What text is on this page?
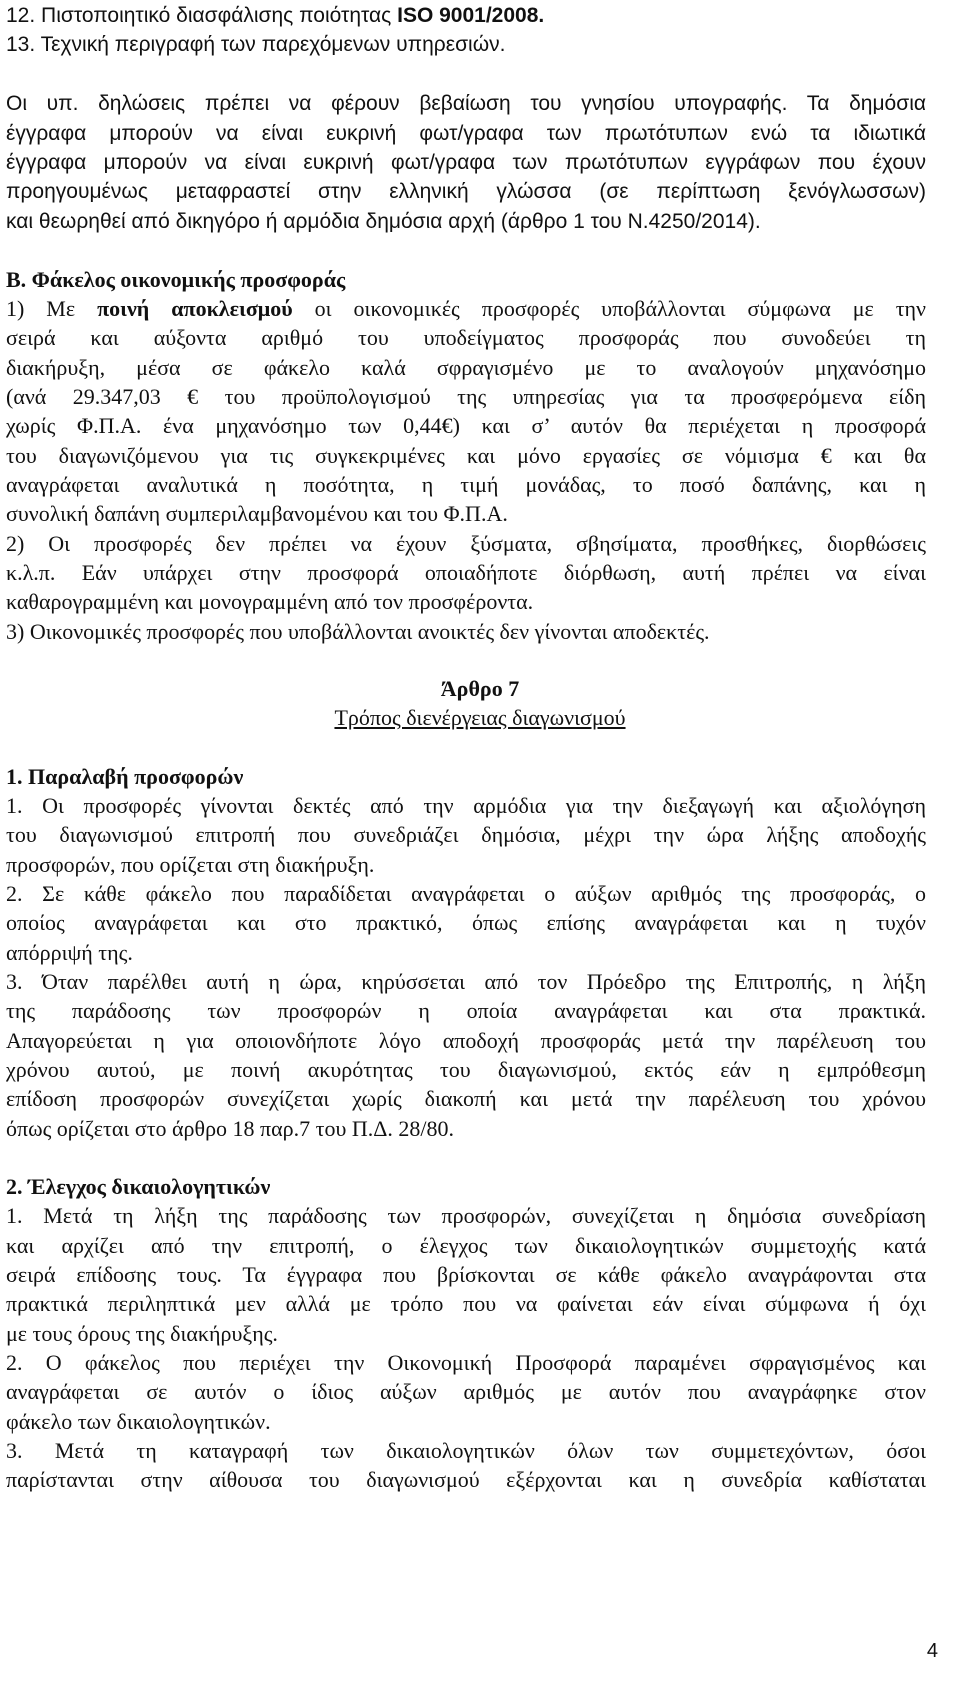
12. Πιστοποιητικό διασφάλισης ποιότητας ISO 9001/2008.
13. Τεχνική περιγραφή των παρεχόμενων υπηρεσιών.
Οι υπ. δηλώσεις πρέπει να φέρουν βεβαίωση του γνησίου υπογραφής. Τα δημόσια
έγγραφα μπορούν να είναι ευκρινή φωτ/γραφα των πρωτότυπων ενώ τα ιδιωτικά
έγγραφα μπορούν να είναι ευκρινή φωτ/γραφα των πρωτότυπων εγγράφων που έχουν
προηγουμένως μεταφραστεί στην ελληνική γλώσσα (σε περίπτωση ξενόγλωσσων)
και θεωρηθεί από δικηγόρο ή αρμόδια δημόσια αρχή (άρθρο 1 του Ν.4250/2014).
Β. Φάκελος οικονομικής προσφοράς
1) Με ποινή αποκλεισμού οι οικονομικές προσφορές υποβάλλονται σύμφωνα με την
σειρά και αύξοντα αριθμό του υποδείγματος προσφοράς που συνοδεύει τη
διακήρυξη, μέσα σε φάκελο καλά σφραγισμένο με το αναλογούν μηχανόσημο
(ανά 29.347,03 € του προϋπολογισμού της υπηρεσίας για τα προσφερόμενα είδη
χωρίς Φ.Π.Α. ένα μηχανόσημο των 0,44€) και σ’ αυτόν θα περιέχεται η προσφορά
του διαγωνιζόμενου για τις συγκεκριμένες και μόνο εργασίες σε νόμισμα € και θα
αναγράφεται αναλυτικά η ποσότητα, η τιμή μονάδας, το ποσό δαπάνης, και η
συνολική δαπάνη συμπεριλαμβανομένου και του Φ.Π.Α.
2) Οι προσφορές δεν πρέπει να έχουν ξύσματα, σβησίματα, προσθήκες, διορθώσεις
κ.λ.π. Εάν υπάρχει στην προσφορά οποιαδήποτε διόρθωση, αυτή πρέπει να είναι
καθαρογραμμένη και μονογραμμένη από τον προσφέροντα.
3) Οικονομικές προσφορές που υποβάλλονται ανοικτές δεν γίνονται αποδεκτές.
Άρθρο 7
Τρόπος διενέργειας διαγωνισμού
1. Παραλαβή προσφορών
1. Οι προσφορές γίνονται δεκτές από την αρμόδια για την διεξαγωγή και αξιολόγηση
του διαγωνισμού επιτροπή που συνεδριάζει δημόσια, μέχρι την ώρα λήξης αποδοχής
προσφορών, που ορίζεται στη διακήρυξη.
2. Σε κάθε φάκελο που παραδίδεται αναγράφεται ο αύξων αριθμός της προσφοράς, ο
οποίος αναγράφεται και στο πρακτικό, όπως επίσης αναγράφεται και η τυχόν
απόρριψή της.
3. Όταν παρέλθει αυτή η ώρα, κηρύσσεται από τον Πρόεδρο της Επιτροπής, η λήξη
της παράδοσης των προσφορών η οποία αναγράφεται και στα πρακτικά.
Απαγορεύεται η για οποιονδήποτε λόγο αποδοχή προσφοράς μετά την παρέλευση του
χρόνου αυτού, με ποινή ακυρότητας του διαγωνισμού, εκτός εάν η εμπρόθεσμη
επίδοση προσφορών συνεχίζεται χωρίς διακοπή και μετά την παρέλευση του χρόνου
όπως ορίζεται στο άρθρο 18 παρ.7 του Π.Δ. 28/80.
2. Έλεγχος δικαιολογητικών
1. Μετά τη λήξη της παράδοσης των προσφορών, συνεχίζεται η δημόσια συνεδρίαση
και αρχίζει από την επιτροπή, ο έλεγχος των δικαιολογητικών συμμετοχής κατά
σειρά επίδοσης τους. Τα έγγραφα που βρίσκονται σε κάθε φάκελο αναγράφονται στα
πρακτικά περιληπτικά μεν αλλά με τρόπο που να φαίνεται εάν είναι σύμφωνα ή όχι
με τους όρους της διακήρυξης.
2. Ο φάκελος που περιέχει την Οικονομική Προσφορά παραμένει σφραγισμένος και
αναγράφεται σε αυτόν ο ίδιος αύξων αριθμός με αυτόν που αναγράφηκε στον
φάκελο των δικαιολογητικών.
3. Μετά τη καταγραφή των δικαιολογητικών όλων των συμμετεχόντων, όσοι
παρίστανται στην αίθουσα του διαγωνισμού εξέρχονται και η συνεδρία καθίσταται
4
